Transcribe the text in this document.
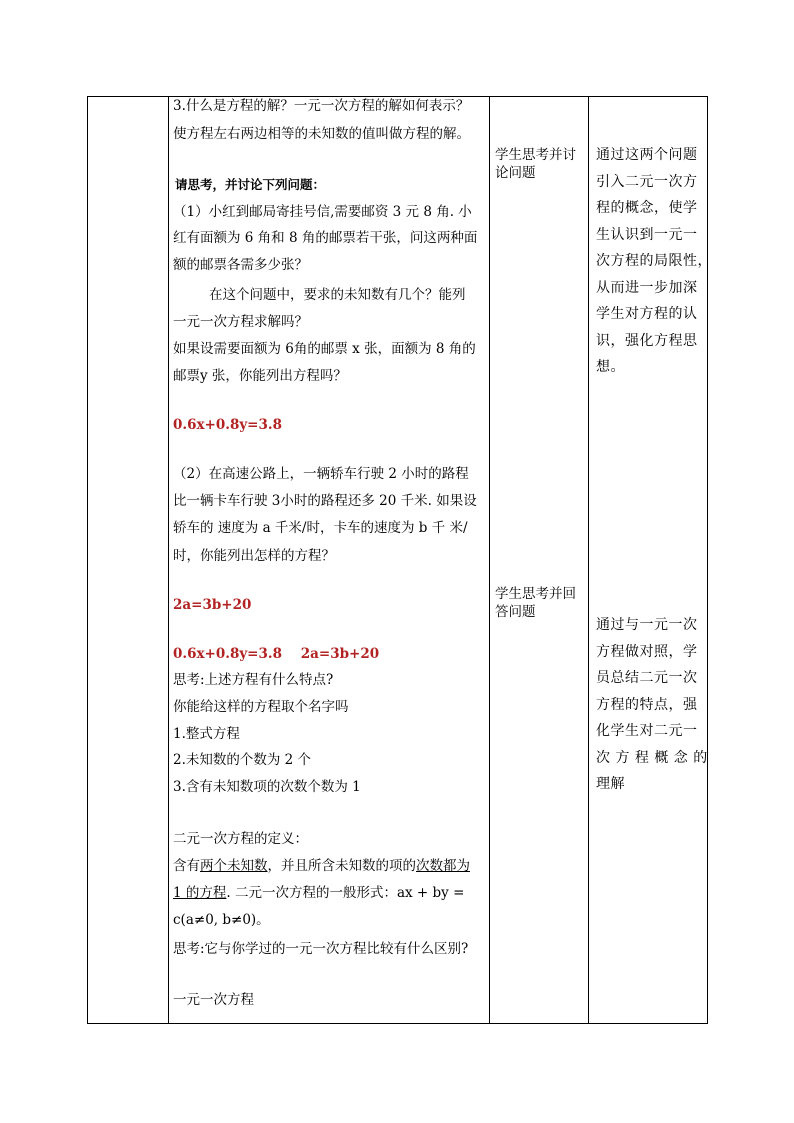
3.什么是方程的解？一元一次方程的解如何表示？
使方程左右两边相等的未知数的值叫做方程的解。
请思考，并讨论下列问题：
（1）小红到邮局寄挂号信,需要邮资 3 元 8 角. 小
红有面额为 6 角和 8 角的邮票若干张，问这两种面
额的邮票各需多少张？
在这个问题中，要求的未知数有几个？能列
一元一次方程求解吗？
如果设需要面额为 6角的邮票 x 张，面额为 8 角的
邮票y 张，你能列出方程吗？
0.6x+0.8y=3.8
（2）在高速公路上，一辆轿车行驶 2 小时的路程
比一辆卡车行驶 3小时的路程还多 20 千米. 如果设
轿车的 速度为 a 千米/时，卡车的速度为 b 千 米/
时，你能列出怎样的方程？
2a=3b+20
0.6x+0.8y=3.8    2a=3b+20
思考:上述方程有什么特点?
你能给这样的方程取个名字吗
1.整式方程
2.未知数的个数为 2 个
3.含有未知数项的次数个数为 1
二元一次方程的定义：
含有两个未知数，并且所含未知数的项的次数都为
1 的方程. 二元一次方程的一般形式：ax + by =
c(a≠0, b≠0)。
思考:它与你学过的一元一次方程比较有什么区别?
一元一次方程
学生思考并讨
论问题
学生思考并回
答问题
通过这两个问题
引入二元一次方
程的概念，使学
生认识到一元一
次方程的局限性，
从而进一步加深
学生对方程的认
识，强化方程思
想。
通过与一元一次
方程做对照，学
员总结二元一次
方程的特点，强
化学生对二元一
次 方 程 概 念 的
理解
